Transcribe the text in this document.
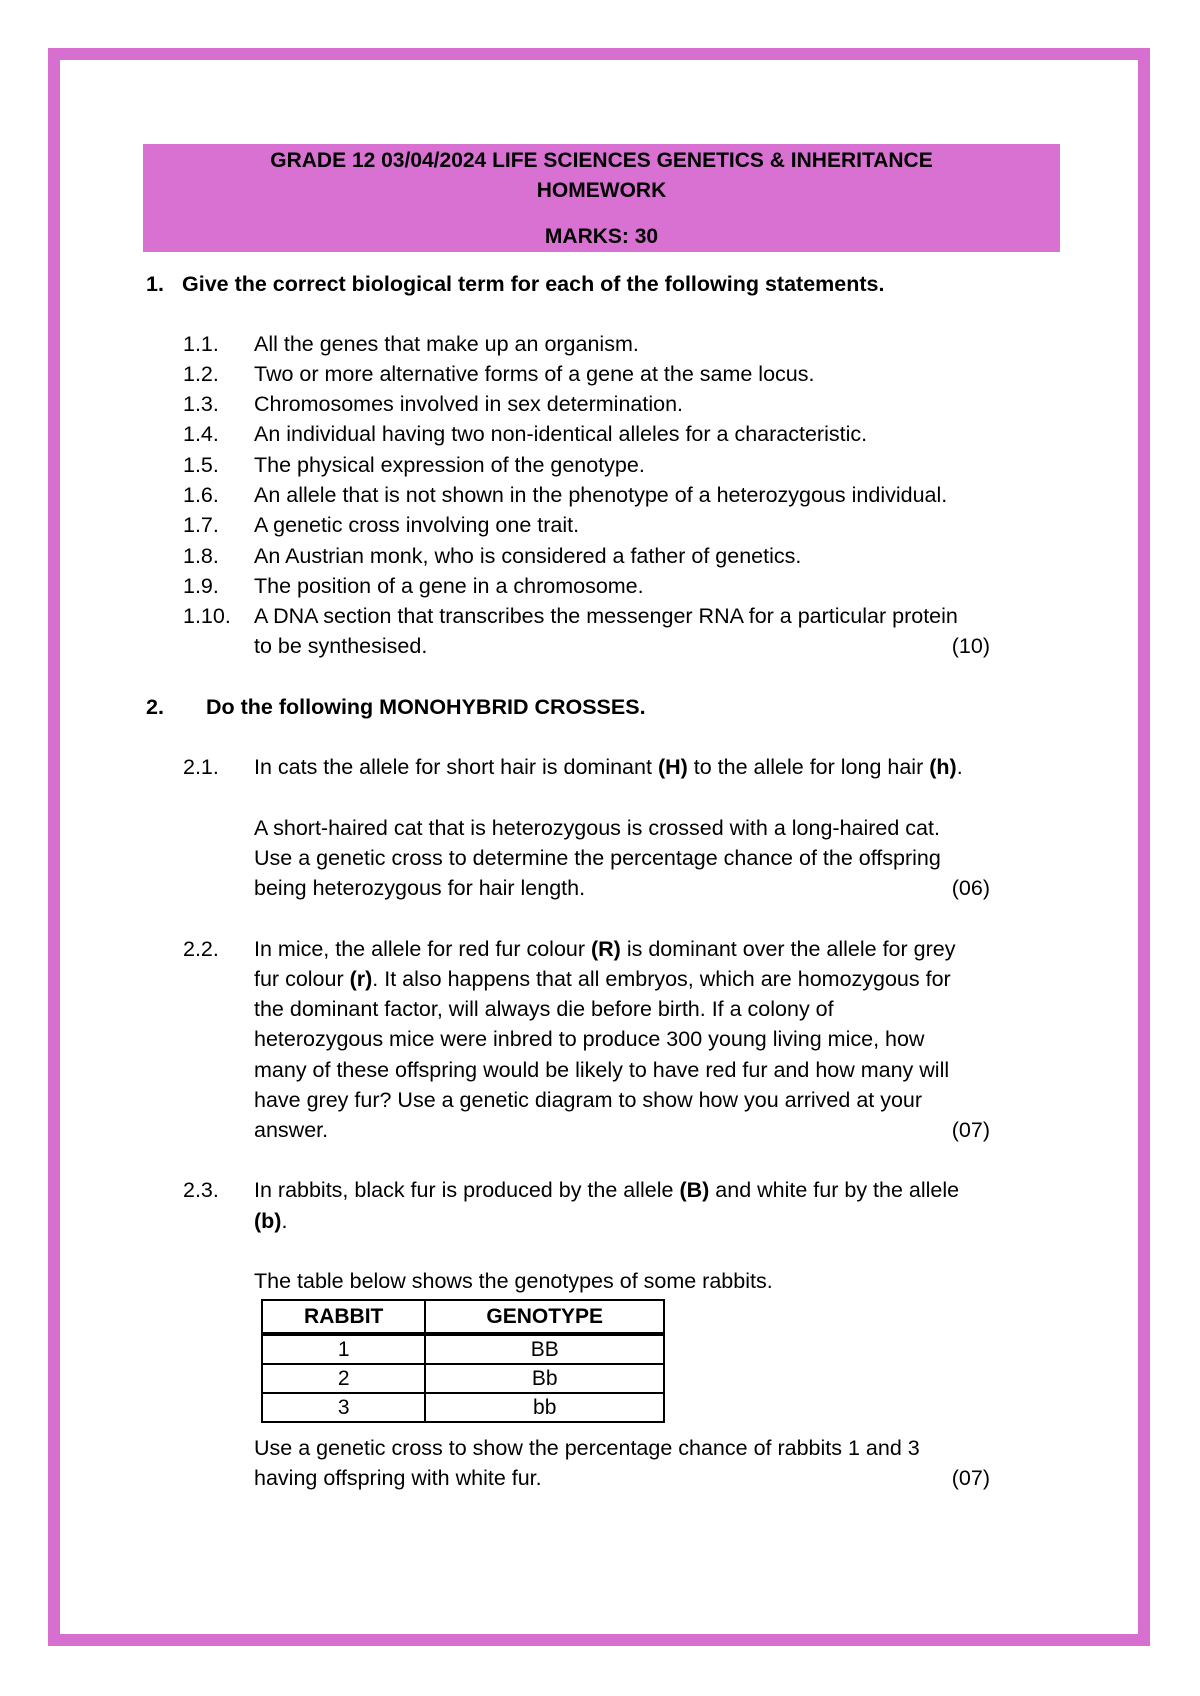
GRADE 12 03/04/2024 LIFE SCIENCES GENETICS & INHERITANCE
HOMEWORK
MARKS: 30
1. Give the correct biological term for each of the following statements.
1.1. All the genes that make up an organism.
1.2. Two or more alternative forms of a gene at the same locus.
1.3. Chromosomes involved in sex determination.
1.4. An individual having two non-identical alleles for a characteristic.
1.5. The physical expression of the genotype.
1.6. An allele that is not shown in the phenotype of a heterozygous individual.
1.7. A genetic cross involving one trait.
1.8. An Austrian monk, who is considered a father of genetics.
1.9. The position of a gene in a chromosome.
1.10. A DNA section that transcribes the messenger RNA for a particular protein
to be synthesised.	(10)
2. Do the following MONOHYBRID CROSSES.
2.1. In cats the allele for short hair is dominant (H) to the allele for long hair (h).
A short-haired cat that is heterozygous is crossed with a long-haired cat.
Use a genetic cross to determine the percentage chance of the offspring
being heterozygous for hair length.	(06)
2.2. In mice, the allele for red fur colour (R) is dominant over the allele for grey
fur colour (r). It also happens that all embryos, which are homozygous for
the dominant factor, will always die before birth. If a colony of
heterozygous mice were inbred to produce 300 young living mice, how
many of these offspring would be likely to have red fur and how many will
have grey fur? Use a genetic diagram to show how you arrived at your
answer.	(07)
2.3. In rabbits, black fur is produced by the allele (B) and white fur by the allele
(b).
The table below shows the genotypes of some rabbits.
RABBIT	GENOTYPE
1	BB
2	Bb
3	bb
Use a genetic cross to show the percentage chance of rabbits 1 and 3
having offspring with white fur.	(07)
